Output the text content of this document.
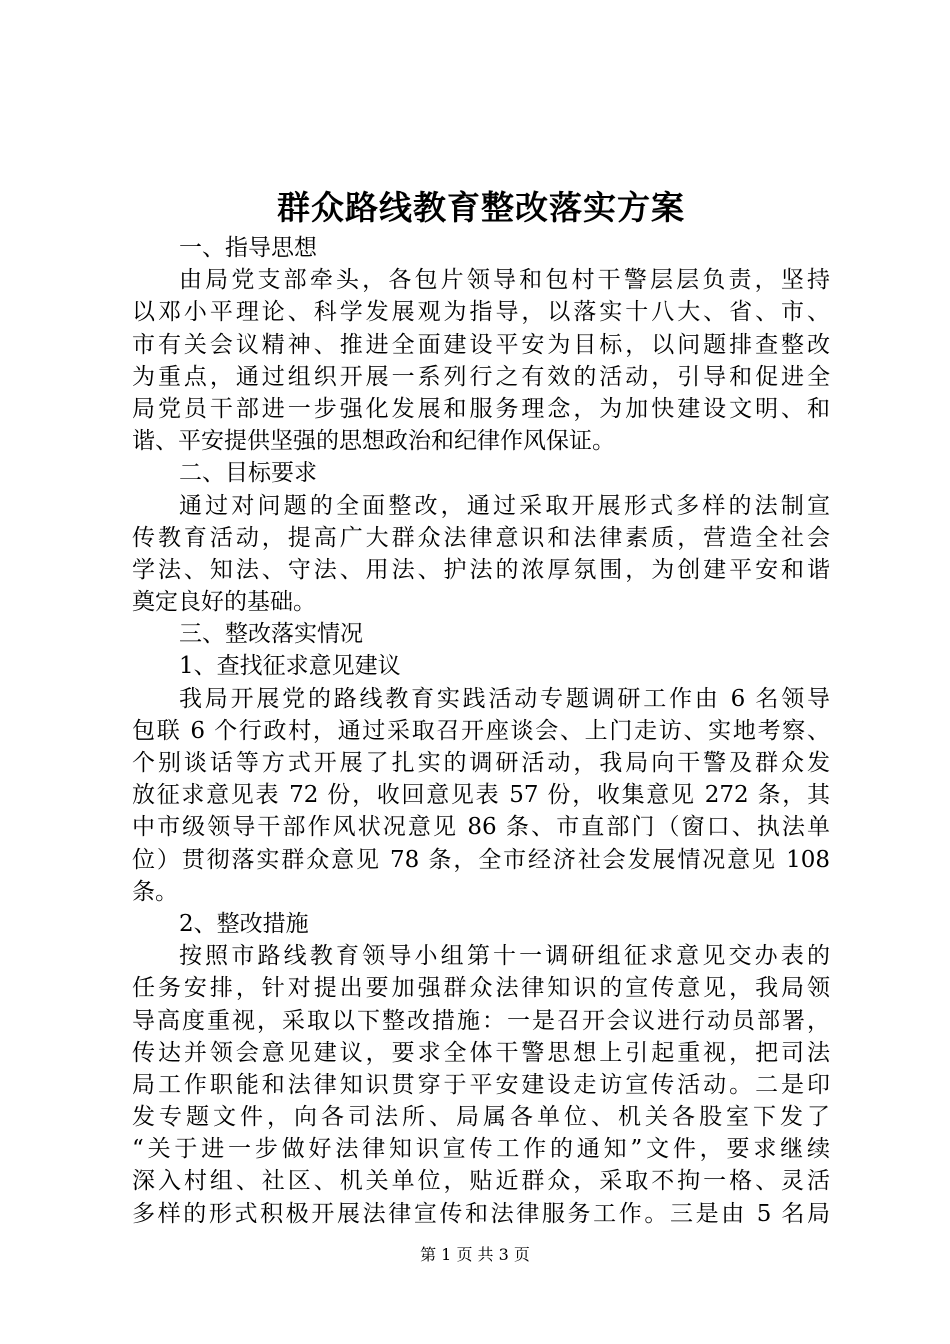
群众路线教育整改落实方案
一、指导思想
由局党支部牵头，各包片领导和包村干警层层负责，坚持
以邓小平理论、科学发展观为指导，以落实十八大、省、市、
市有关会议精神、推进全面建设平安为目标，以问题排查整改
为重点，通过组织开展一系列行之有效的活动，引导和促进全
局党员干部进一步强化发展和服务理念，为加快建设文明、和
谐、平安提供坚强的思想政治和纪律作风保证。
二、目标要求
通过对问题的全面整改，通过采取开展形式多样的法制宣
传教育活动，提高广大群众法律意识和法律素质，营造全社会
学法、知法、守法、用法、护法的浓厚氛围，为创建平安和谐
奠定良好的基础。
三、整改落实情况
1、查找征求意见建议
我局开展党的路线教育实践活动专题调研工作由 6 名领导
包联 6 个行政村，通过采取召开座谈会、上门走访、实地考察、
个别谈话等方式开展了扎实的调研活动，我局向干警及群众发
放征求意见表 72 份，收回意见表 57 份，收集意见 272 条，其
中市级领导干部作风状况意见 86 条、市直部门（窗口、执法单
位）贯彻落实群众意见 78 条，全市经济社会发展情况意见 108
条。
2、整改措施
按照市路线教育领导小组第十一调研组征求意见交办表的
任务安排，针对提出要加强群众法律知识的宣传意见，我局领
导高度重视，采取以下整改措施：一是召开会议进行动员部署，
传达并领会意见建议，要求全体干警思想上引起重视，把司法
局工作职能和法律知识贯穿于平安建设走访宣传活动。二是印
发专题文件，向各司法所、局属各单位、机关各股室下发了
“关于进一步做好法律知识宣传工作的通知”文件，要求继续
深入村组、社区、机关单位，贴近群众，采取不拘一格、灵活
多样的形式积极开展法律宣传和法律服务工作。三是由 5 名局
第 1 页 共 3 页
